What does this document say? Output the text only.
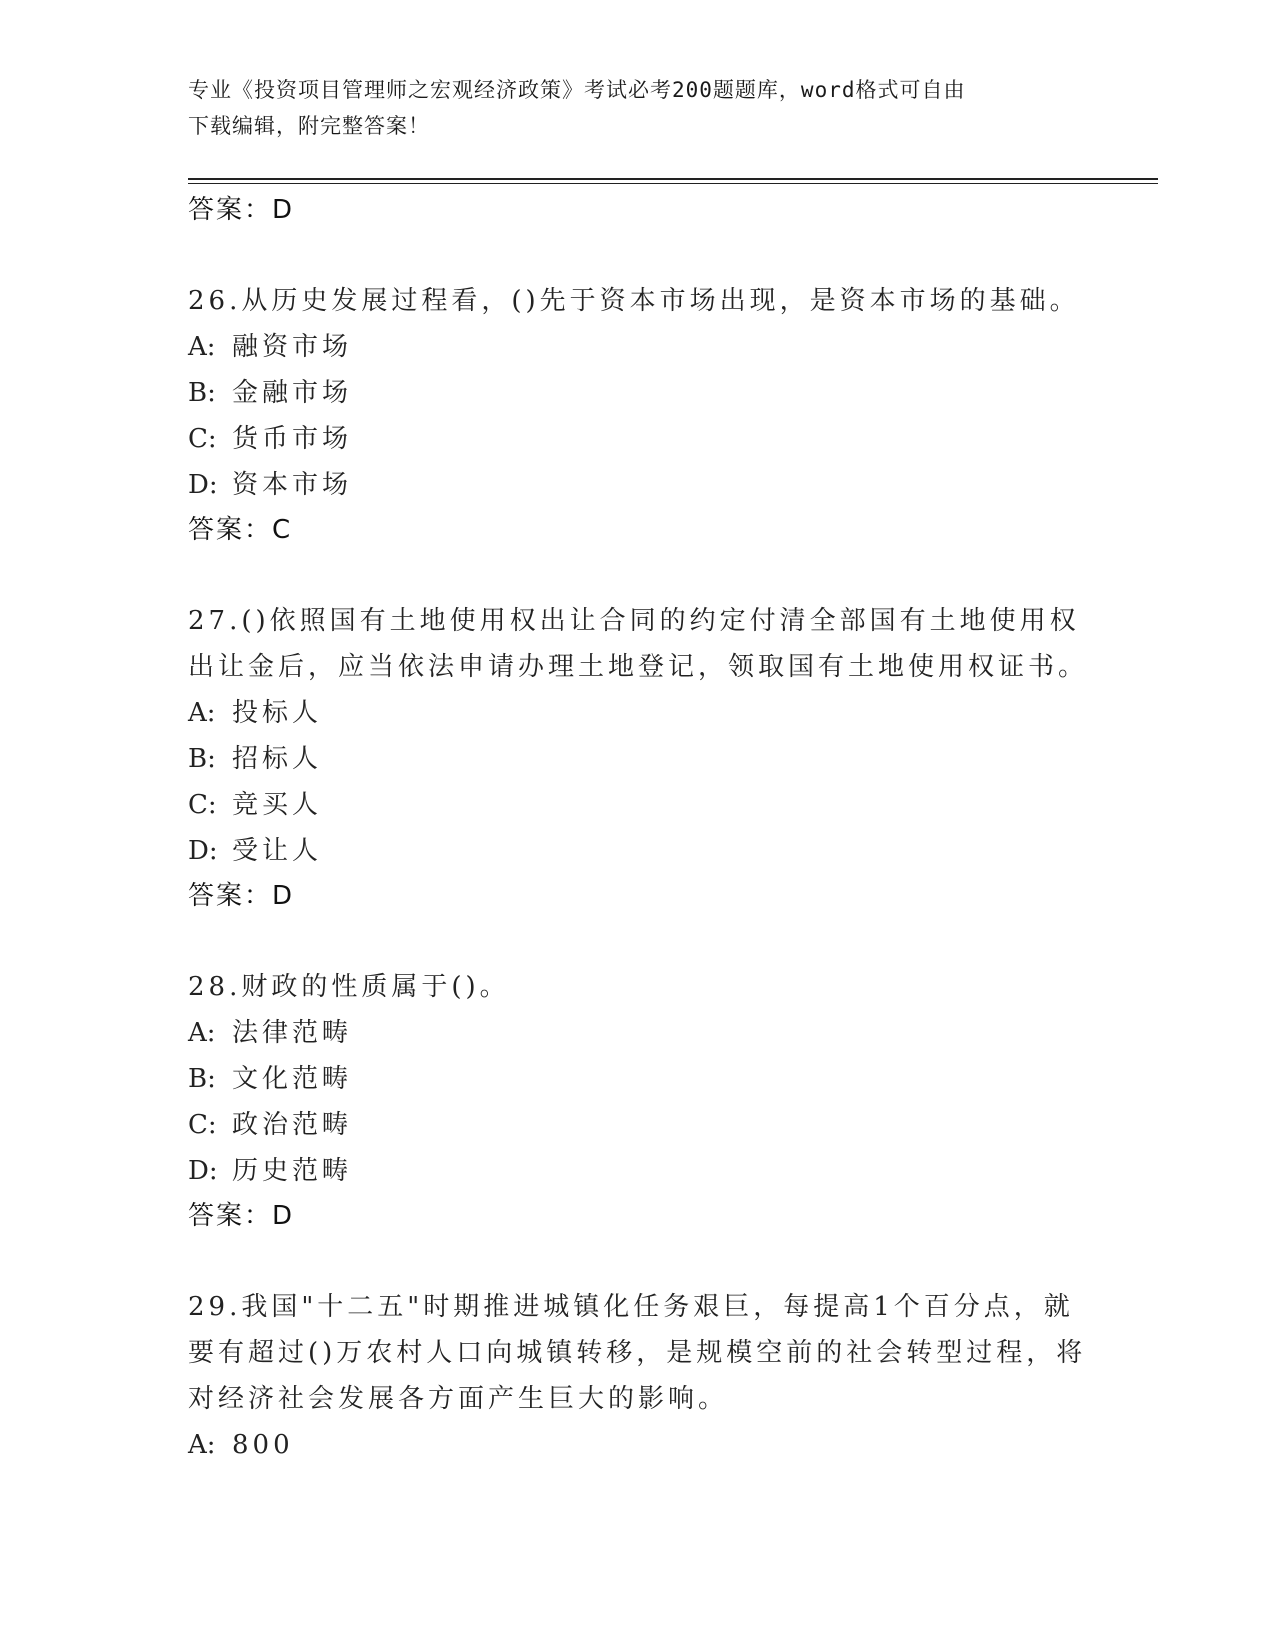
专业《投资项目管理师之宏观经济政策》考试必考200题题库，word格式可自由
下载编辑，附完整答案！
答案：D
26.从历史发展过程看，()先于资本市场出现，是资本市场的基础。
A: 融资市场
B: 金融市场
C: 货币市场
D: 资本市场
答案：C
27.()依照国有土地使用权出让合同的约定付清全部国有土地使用权出让金后，应当依法申请办理土地登记，领取国有土地使用权证书。
A: 投标人
B: 招标人
C: 竞买人
D: 受让人
答案：D
28.财政的性质属于()。
A: 法律范畴
B: 文化范畴
C: 政治范畴
D: 历史范畴
答案：D
29.我国"十二五"时期推进城镇化任务艰巨，每提高1个百分点，就要有超过()万农村人口向城镇转移，是规模空前的社会转型过程，将对经济社会发展各方面产生巨大的影响。
A: 800
